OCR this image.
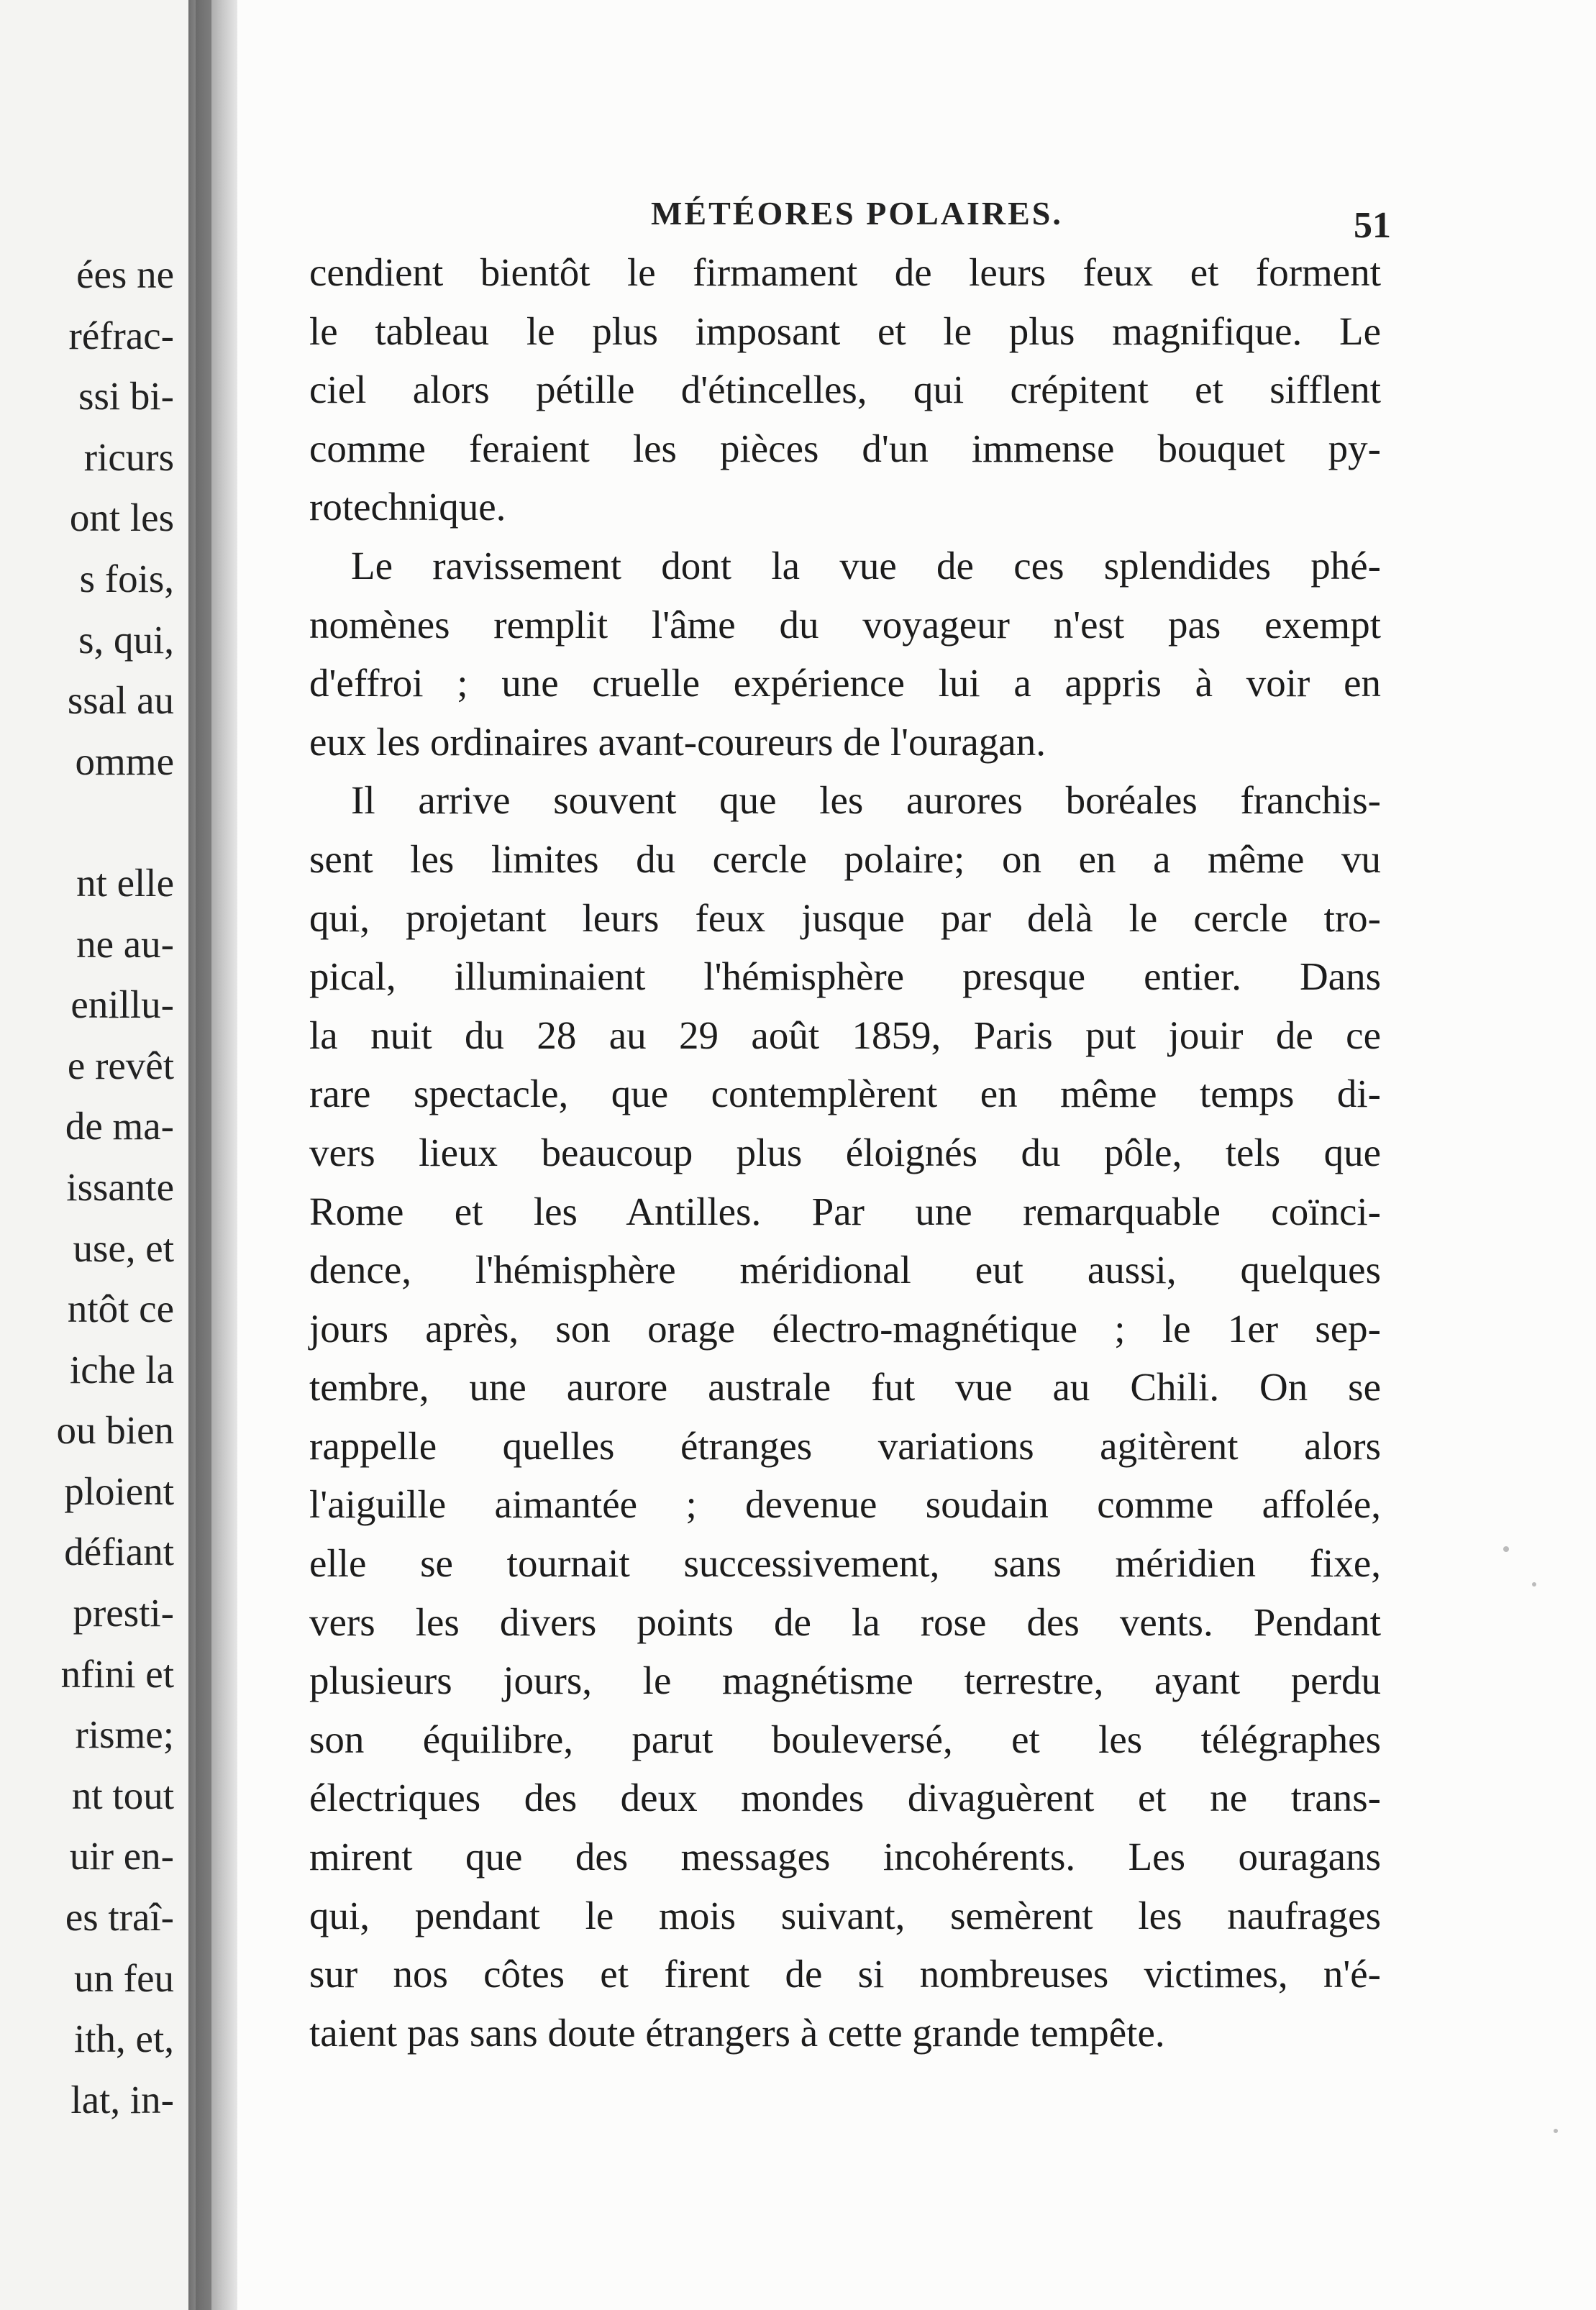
ées ne
réfrac-
ssi bi-
ricurs
ont les
s fois,
s, qui,
ssal au
omme
nt elle
ne au-
enillu-
e revêt
de ma-
issante
use, et
ntôt ce
iche la
ou bien
ploient
défiant
presti-
nfini et
risme;
nt tout
uir en-
es traî-
un feu
ith, et,
lat, in-
MÉTÉORES POLAIRES.	51
cendient bientôt le firmament de leurs feux et forment
le tableau le plus imposant et le plus magnifique. Le
ciel alors pétille d'étincelles, qui crépitent et sifflent
comme feraient les pièces d'un immense bouquet py-
rotechnique.
Le ravissement dont la vue de ces splendides phé-
nomènes remplit l'âme du voyageur n'est pas exempt
d'effroi ; une cruelle expérience lui a appris à voir en
eux les ordinaires avant-coureurs de l'ouragan.
Il arrive souvent que les aurores boréales franchis-
sent les limites du cercle polaire; on en a même vu
qui, projetant leurs feux jusque par delà le cercle tro-
pical, illuminaient l'hémisphère presque entier. Dans
la nuit du 28 au 29 août 1859, Paris put jouir de ce
rare spectacle, que contemplèrent en même temps di-
vers lieux beaucoup plus éloignés du pôle, tels que
Rome et les Antilles. Par une remarquable coïnci-
dence, l'hémisphère méridional eut aussi, quelques
jours après, son orage électro-magnétique ; le 1er sep-
tembre, une aurore australe fut vue au Chili. On se
rappelle quelles étranges variations agitèrent alors
l'aiguille aimantée ; devenue soudain comme affolée,
elle se tournait successivement, sans méridien fixe,
vers les divers points de la rose des vents. Pendant
plusieurs jours, le magnétisme terrestre, ayant perdu
son équilibre, parut bouleversé, et les télégraphes
électriques des deux mondes divaguèrent et ne trans-
mirent que des messages incohérents. Les ouragans
qui, pendant le mois suivant, semèrent les naufrages
sur nos côtes et firent de si nombreuses victimes, n'é-
taient pas sans doute étrangers à cette grande tempête.
